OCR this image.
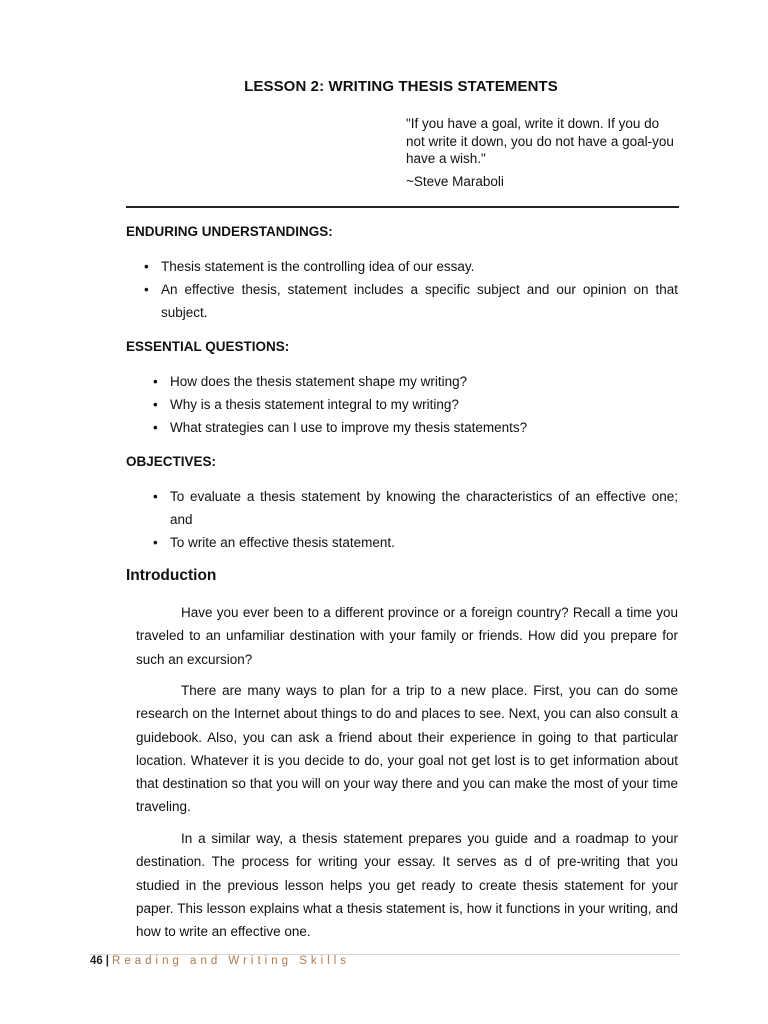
LESSON 2: WRITING THESIS STATEMENTS
"If you have a goal, write it down. If you do not write it down, you do not have a goal-you have a wish."
~Steve Maraboli
ENDURING UNDERSTANDINGS:
• Thesis statement is the controlling idea of our essay.
• An effective thesis, statement includes a specific subject and our opinion on that subject.
ESSENTIAL QUESTIONS:
• How does the thesis statement shape my writing?
• Why is a thesis statement integral to my writing?
• What strategies can I use to improve my thesis statements?
OBJECTIVES:
• To evaluate a thesis statement by knowing the characteristics of an effective one; and
• To write an effective thesis statement.
Introduction
Have you ever been to a different province or a foreign country? Recall a time you traveled to an unfamiliar destination with your family or friends. How did you prepare for such an excursion?
There are many ways to plan for a trip to a new place. First, you can do some research on the Internet about things to do and places to see. Next, you can also consult a guidebook. Also, you can ask a friend about their experience in going to that particular location. Whatever it is you decide to do, your goal not get lost is to get information about that destination so that you will on your way there and you can make the most of your time traveling.
In a similar way, a thesis statement prepares you guide and a roadmap to your destination. The process for writing your essay. It serves as d of pre-writing that you studied in the previous lesson helps you get ready to create thesis statement for your paper. This lesson explains what a thesis statement is, how it functions in your writing, and how to write an effective one.
46 | Reading and Writing Skills
